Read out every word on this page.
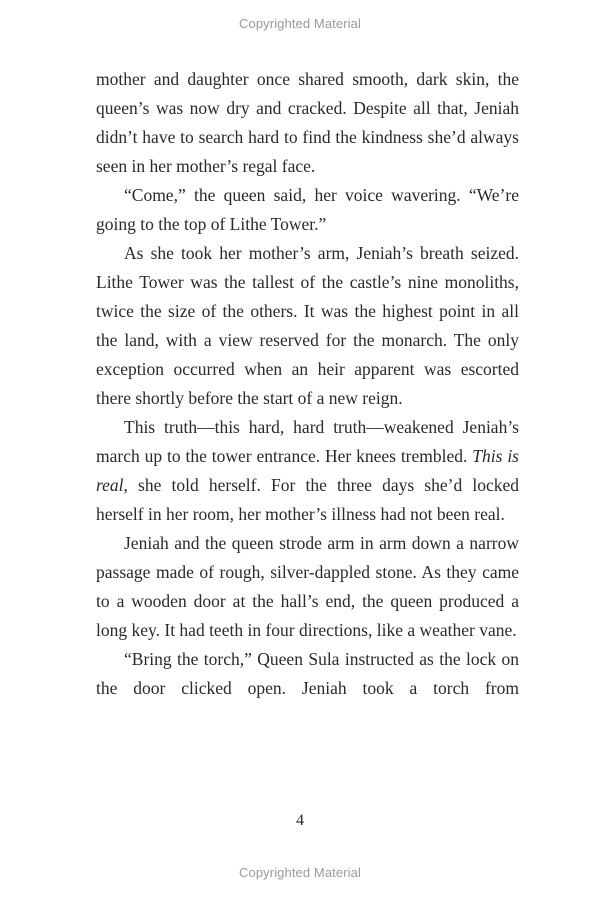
Copyrighted Material

mother and daughter once shared smooth, dark skin, the queen’s was now dry and cracked. Despite all that, Jeniah didn’t have to search hard to find the kindness she’d always seen in her mother’s regal face.

“Come,” the queen said, her voice wavering. “We’re going to the top of Lithe Tower.”

As she took her mother’s arm, Jeniah’s breath seized. Lithe Tower was the tallest of the castle’s nine monoliths, twice the size of the others. It was the highest point in all the land, with a view reserved for the monarch. The only exception occurred when an heir apparent was escorted there shortly before the start of a new reign.

This truth—this hard, hard truth—weakened Jeniah’s march up to the tower entrance. Her knees trembled. This is real, she told herself. For the three days she’d locked herself in her room, her mother’s illness had not been real.

Jeniah and the queen strode arm in arm down a narrow passage made of rough, silver-dappled stone. As they came to a wooden door at the hall’s end, the queen produced a long key. It had teeth in four directions, like a weather vane.

“Bring the torch,” Queen Sula instructed as the lock on the door clicked open. Jeniah took a torch from

4
Copyrighted Material
